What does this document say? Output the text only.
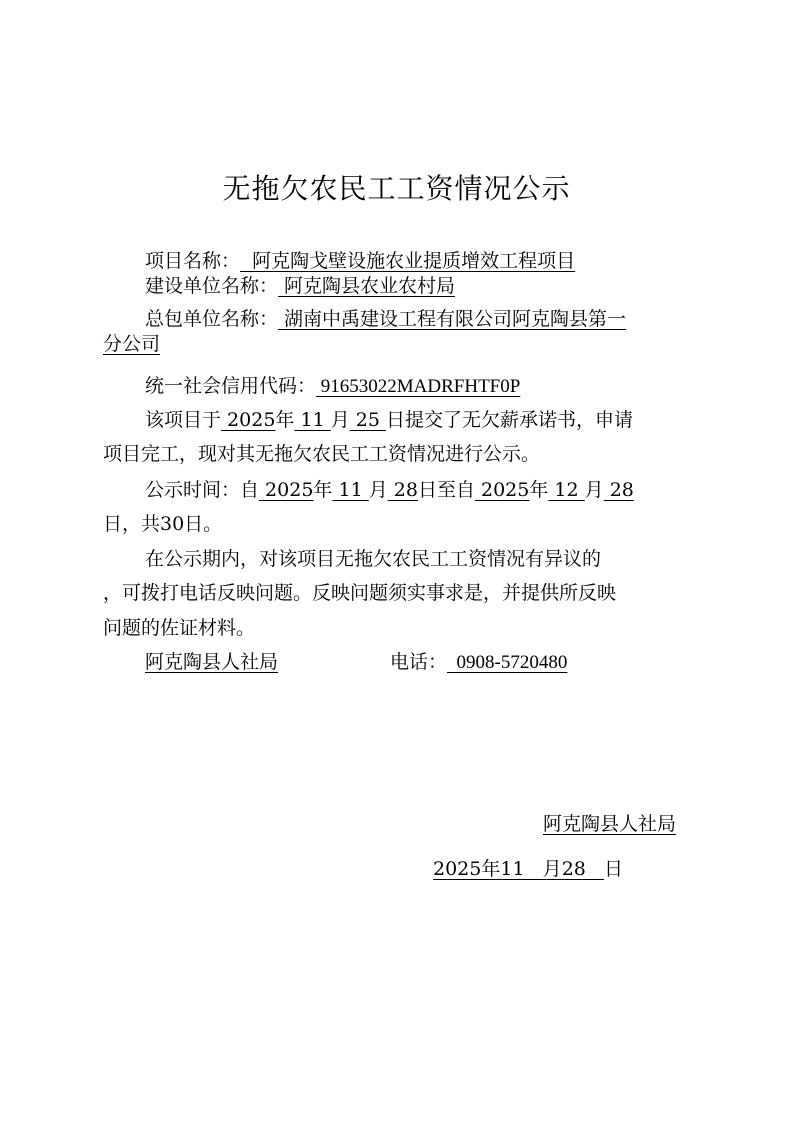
无拖欠农民工工资情况公示
项目名称：  阿克陶戈壁设施农业提质增效工程项目
建设单位名称： 阿克陶县农业农村局
总包单位名称： 湖南中禹建设工程有限公司阿克陶县第一
分公司
统一社会信用代码： 91653022MADRFHTF0P
该项目于 2025年 11 月 25 日提交了无欠薪承诺书，申请
项目完工，现对其无拖欠农民工工资情况进行公示。
公示时间：自 2025年 11 月 28日至自 2025年 12 月 28
日，共30日。
在公示期内，对该项目无拖欠农民工工资情况有异议的
，可拨打电话反映问题。反映问题须实事求是，并提供所反映
问题的佐证材料。
阿克陶县人社局	电话：  0908-5720480
阿克陶县人社局
2025年11   月28   日
